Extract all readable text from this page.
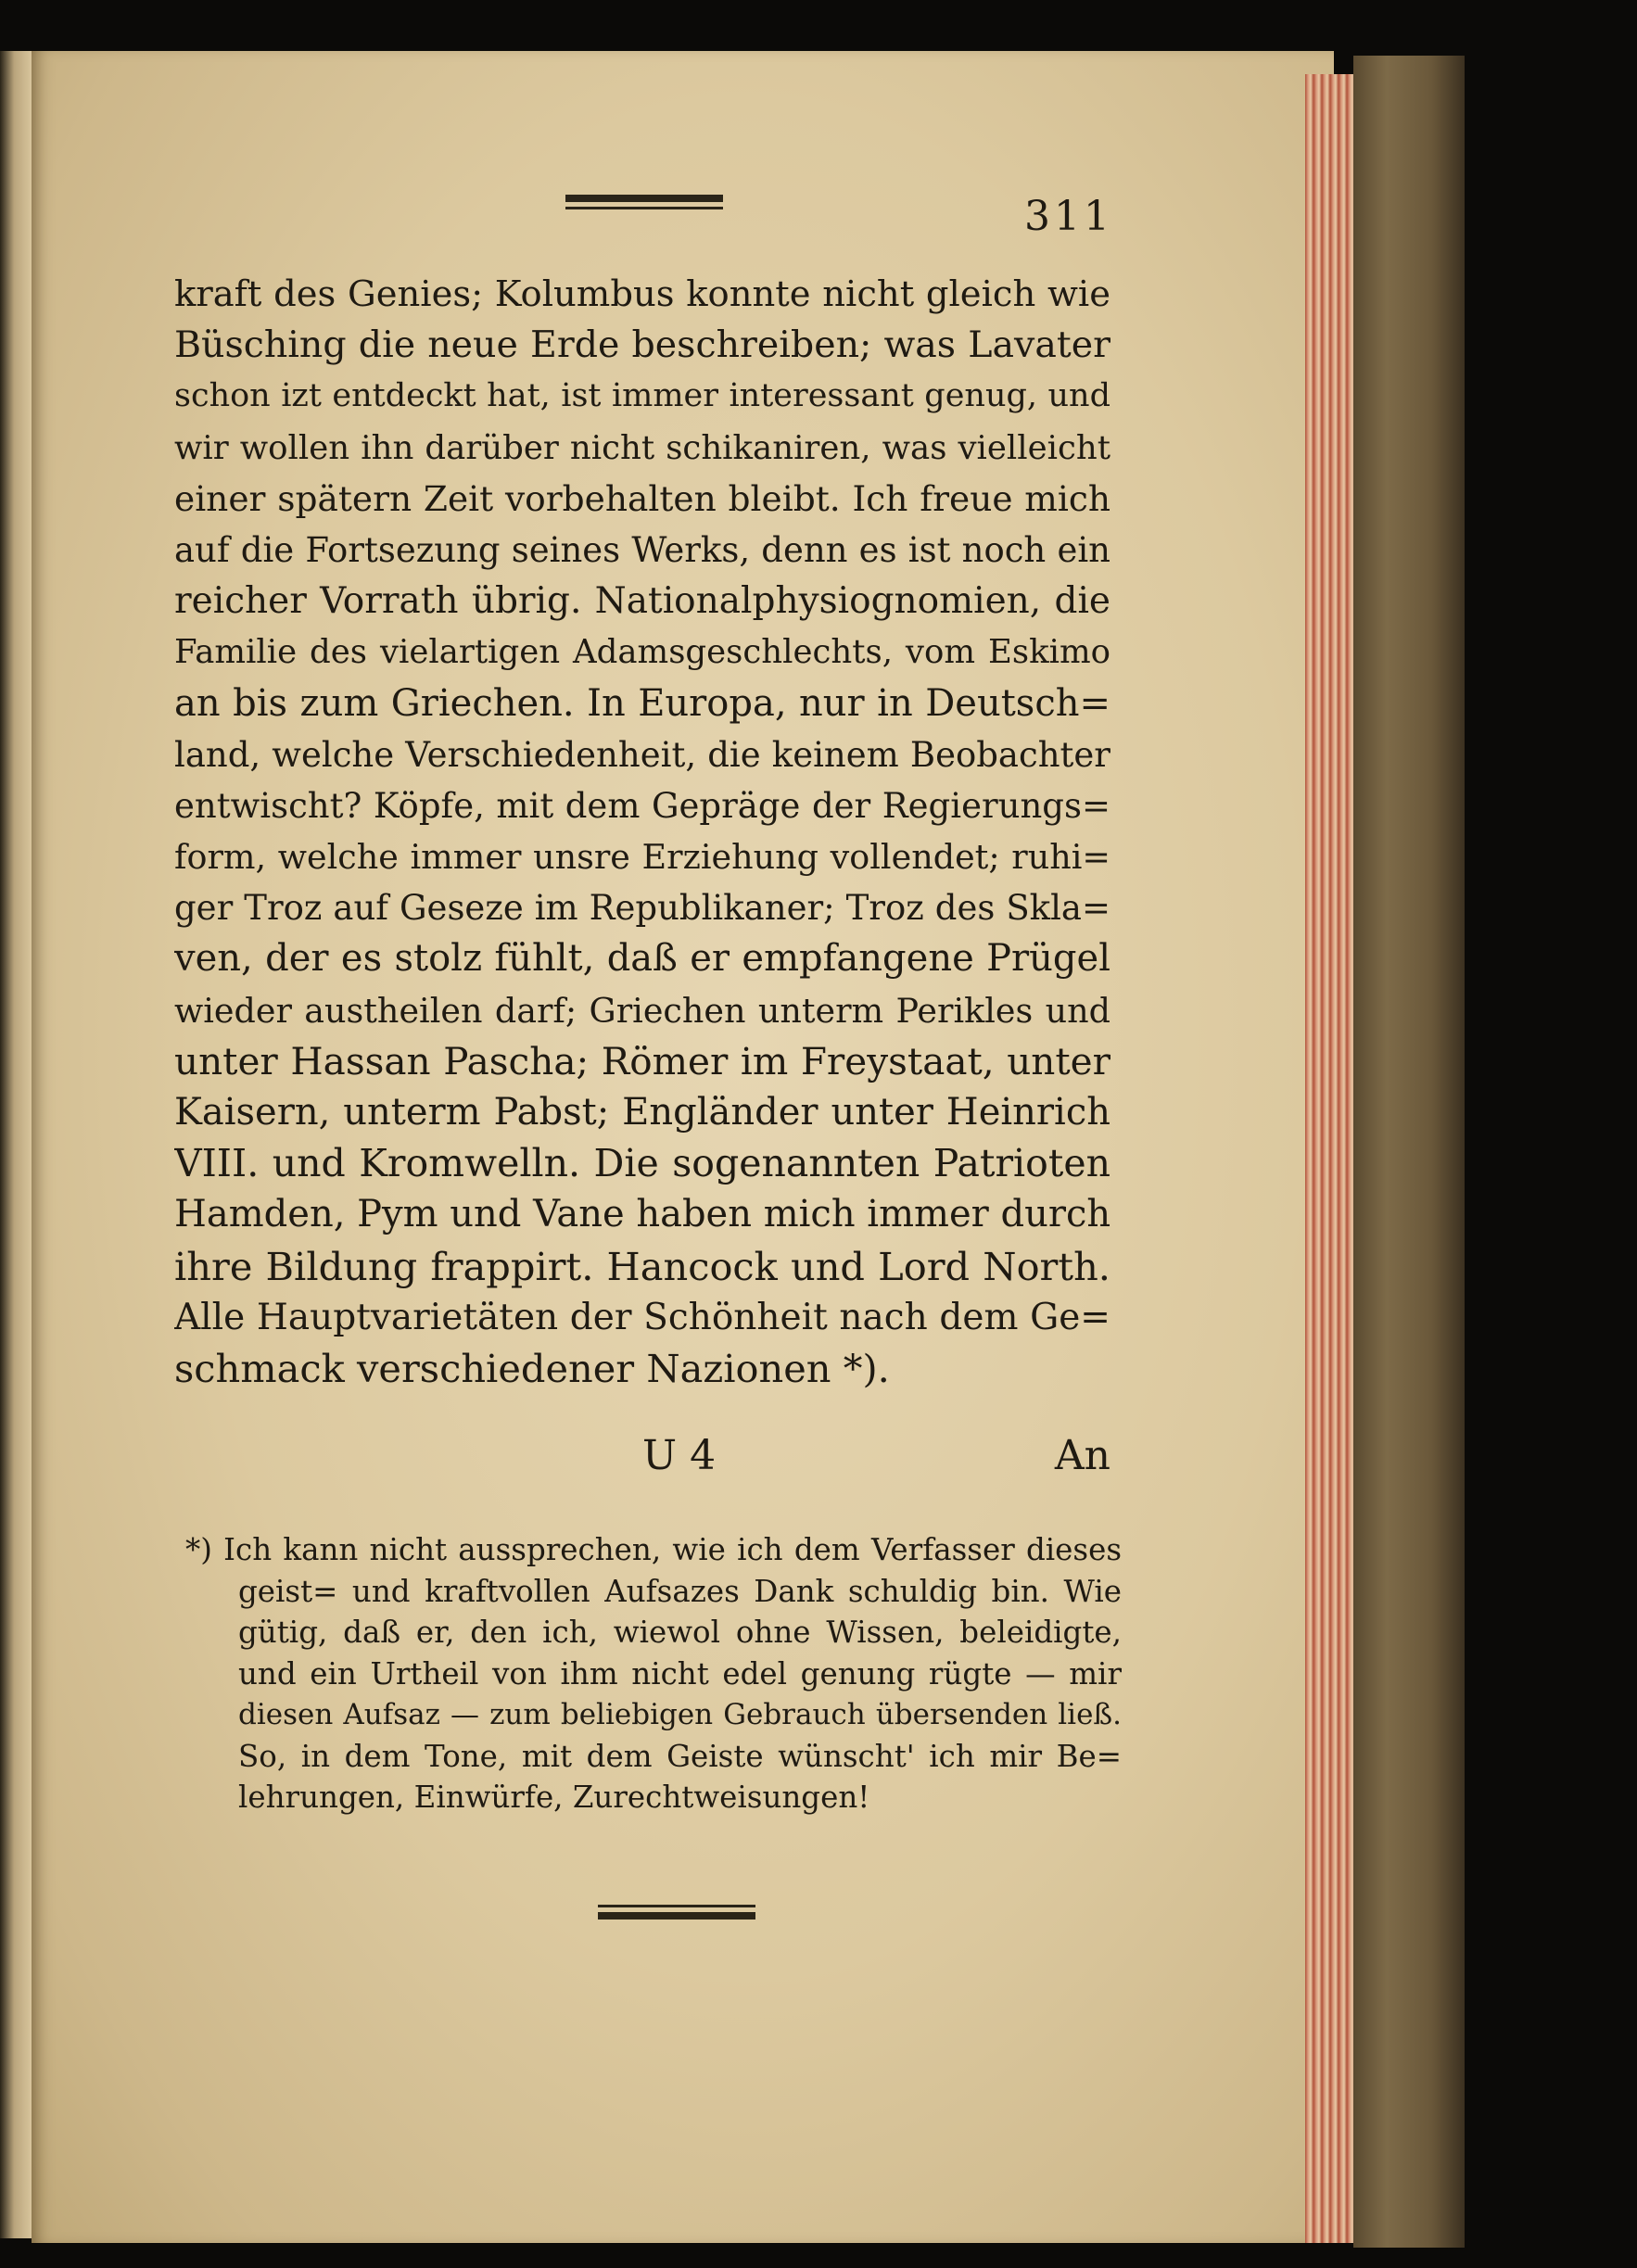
311
kraft des Genies; Kolumbus konnte nicht gleich wie
Büsching die neue Erde beschreiben; was Lavater
schon izt entdeckt hat, ist immer interessant genug, und
wir wollen ihn darüber nicht schikaniren, was vielleicht
einer spätern Zeit vorbehalten bleibt. Ich freue mich
auf die Fortsezung seines Werks, denn es ist noch ein
reicher Vorrath übrig. Nationalphysiognomien, die
Familie des vielartigen Adamsgeschlechts, vom Eskimo
an bis zum Griechen. In Europa, nur in Deutsch=
land, welche Verschiedenheit, die keinem Beobachter
entwischt? Köpfe, mit dem Gepräge der Regierungs=
form, welche immer unsre Erziehung vollendet; ruhi=
ger Troz auf Geseze im Republikaner; Troz des Skla=
ven, der es stolz fühlt, daß er empfangene Prügel
wieder austheilen darf; Griechen unterm Perikles und
unter Hassan Pascha; Römer im Freystaat, unter
Kaisern, unterm Pabst; Engländer unter Heinrich
VIII. und Kromwelln. Die sogenannten Patrioten
Hamden, Pym und Vane haben mich immer durch
ihre Bildung frappirt. Hancock und Lord North.
Alle Hauptvarietäten der Schönheit nach dem Ge=
schmack verschiedener Nazionen *).
U 4	An
*) Ich kann nicht aussprechen, wie ich dem Verfasser dieses
geist= und kraftvollen Aufsazes Dank schuldig bin. Wie
gütig, daß er, den ich, wiewol ohne Wissen, beleidigte,
und ein Urtheil von ihm nicht edel genung rügte — mir
diesen Aufsaz — zum beliebigen Gebrauch übersenden ließ.
So, in dem Tone, mit dem Geiste wünscht' ich mir Be=
lehrungen, Einwürfe, Zurechtweisungen!
